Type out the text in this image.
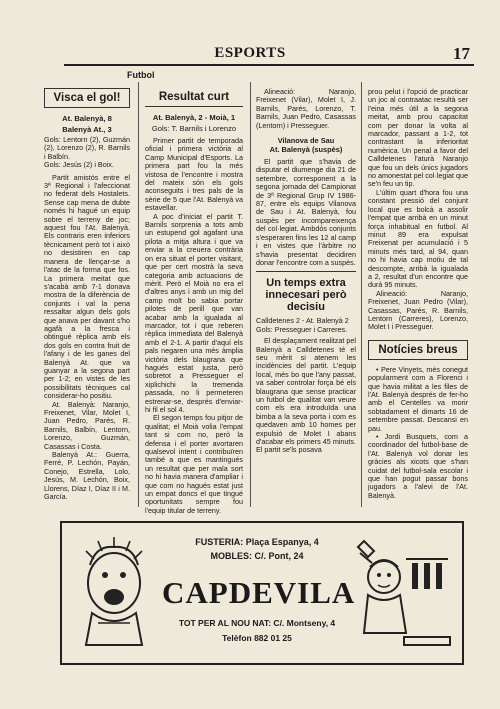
ESPORTS	17
Futbol
Visca el gol!
At. Balenyà, 8
Balenyà At., 3

Gols: Lentorn (2), Guzmán (2), Lorenzo (2), R. Barnils i Balbín.

Gols: Jesús (2) i Boix.

Partit amistós entre el 3ª Regional i l'afeccionat no federat dels Hostalets. Sense cap mena de dubte només hi hagué un equip sobre el terreny de joc; aquest fou l'At. Balenyà. Els contraris eren inferiors tècnicament però tot i això no desistiren en cap manera de llençar-se a l'atac de la forma que fos. La primera meitat que s'acabà amb 7-1 donava mostra de la diferència de conjunts i val la pena ressaltar algun dels gols que anava per davant s'ho agafà a la fresca i obtingué rèplica amb els dos gols en contra fruit de l'afany i de les ganes del Balenyà At. que va guanyar a la segona part per 1-2; en vistes de les possibilitats tècniques cal considerar-ho positiu.

At. Balenyà: Naranjo, Freixenet, Vilar, Molet I, Juan Pedro, Parés, R. Barnils, Balbín, Lentorn, Lorenzo, Guzmán, Casassas i Costa.

Balenyà At.: Guerra, Ferré, P. Lechón, Payán, Conejo, Estrella, Lolo, Jesús, M. Lechón, Boix, Llorens, Díaz I, Díaz II i M. García.

Resultat curt
At. Balenyà, 2 - Moià, 1
Gols: T. Barnils i Lorenzo

Primer partit de temporada oficial i primera victòria al Camp Municipal d'Esports. La primera part fou la més vistosa de l'encontre i mostra del mateix són els gols aconseguits i tres pals de la sèrie de 5 que l'At. Balenyà va estavellar.

A poc d'iniciat el partit T. Barnils sorprenia a tots amb un estupend gol agafant una pilota a mitja altura i que va enviar a la creuera contrària on era situat el porter visitant, que per cert mostrà la seva categoria amb actuacions de mèrit. Però el Moià no era el d'altres anys i amb un mig del camp molt bo sabia portar pilotes de perill que van acabar amb la igualada al marcador, tot i que reberen rèplica immediata del Balenyà amb el 2-1. A partir d'aquí els pals negaren una més àmplia victòria dels blaugrana que hagués estat justa, però sobretot a Presseguer el xiplichichi la tremenda passada, no li permeteren estrenar-se, després d'enviar-hi fil el sol 4.

El segon temps fou pitjor de qualitat; el Moià volia l'empat tant si com no, però la defensa i el porter avortaren qualsevol intent i contribuïren també a que es mantingués un resultat que per mala sort no hi havia manera d'ampliar i que com no hagués estat just un empat doncs el que tingué oportunitats sempre fou l'equip titular de terreny.

Alineació: Naranjo, Freixenet (Vilar), Molet I, J. Barnils, Parés, Lorenzo, T. Barnils, Juan Pedro, Casassas (Lentorn) i Presseguer.

Vilanova de Sau
At. Balenyà (suspès)

El partit que s'havia de disputar el diumenge dia 21 de setembre, corresponent a la segona jornada del Campionat de 3ª Regional Grup IV 1986-87, entre els equips Vilanova de Sau i At. Balenyà, fou suspès per incompareixença del col·legiat. Ambdós conjunts s'esperaren fins les 12 al camp i en vistes que l'àrbitre no s'havia presentat decidiren donar l'encontre com a suspès.

Un temps extra innecesari però decisiu

Calldetenes 2 - At. Balenyà 2

Gols: Presseguer i Carreres.

El desplaçament realitzat pel Balenyà a Calldetenes té el seu mèrit si atenem les incidències del partit. L'equip local, més bo que l'any passat, va saber controlar força bé els blaugrana que sense practicar un futbol de qualitat van veure com els era introduïda una bimba a la seva porta i com es quedaven amb 10 homes per expulsió de Molet I abans d'acabar els primers 45 minuts. El partit se'ls posava

prou pelut i l'opció de practicar un joc al contraatac resultà ser l'eina més útil a la segona meitat, amb prou capacitat com per donar la volta al marcador, passant a 1-2, tot contrastant la inferioritat numèrica. Un penal a favor del Calldetenes l'aturà Naranjo que fou un dels únics jugadors no amonestat pel col·legiat que se'n feu un tip.

L'últim quart d'hora fou una constant pressió del conjunt local que es bolcà a assolir l'empat que arribà en un minut força inhabitual en futbol. Al minut 89 era expulsat Freixenat per acumulació i 5 minuts més tard, al 94, quan no hi havia cap motiu de tal descompte, arribà la igualada a 2, resultat d'un encontre que durà 95 minuts.

Alineació: Naranjo, Freixenet, Juan Pedro (Vilar), Casassas, Parés, R. Barnils, Lentorn (Carreres), Lorenzo, Molet I i Presseguer.

Notícies breus

• Pere Vinyets, més conegut popularment com a Florenci i que havia militat a les files de l'At. Balenyà després de fer-ho amb el Centelles va morir sobtadament el dimarts 16 de setembre passat. Descansi en pau.

• Jordi Busquets, com a coordinador del futbol-base de l'At. Balenyà vol donar les gràcies als xicots que s'han cuidat del futbol-sala escolar i que han pogut passar bons jugadors a l'alevi de l'At. Balenyà.

FUSTERIA: Plaça Espanya, 4
MOBLES: C/. Pont, 24
CAPDEVILA
TOT PER AL NOU NAT: C/. Montseny, 4
Telèfon 882 01 25
